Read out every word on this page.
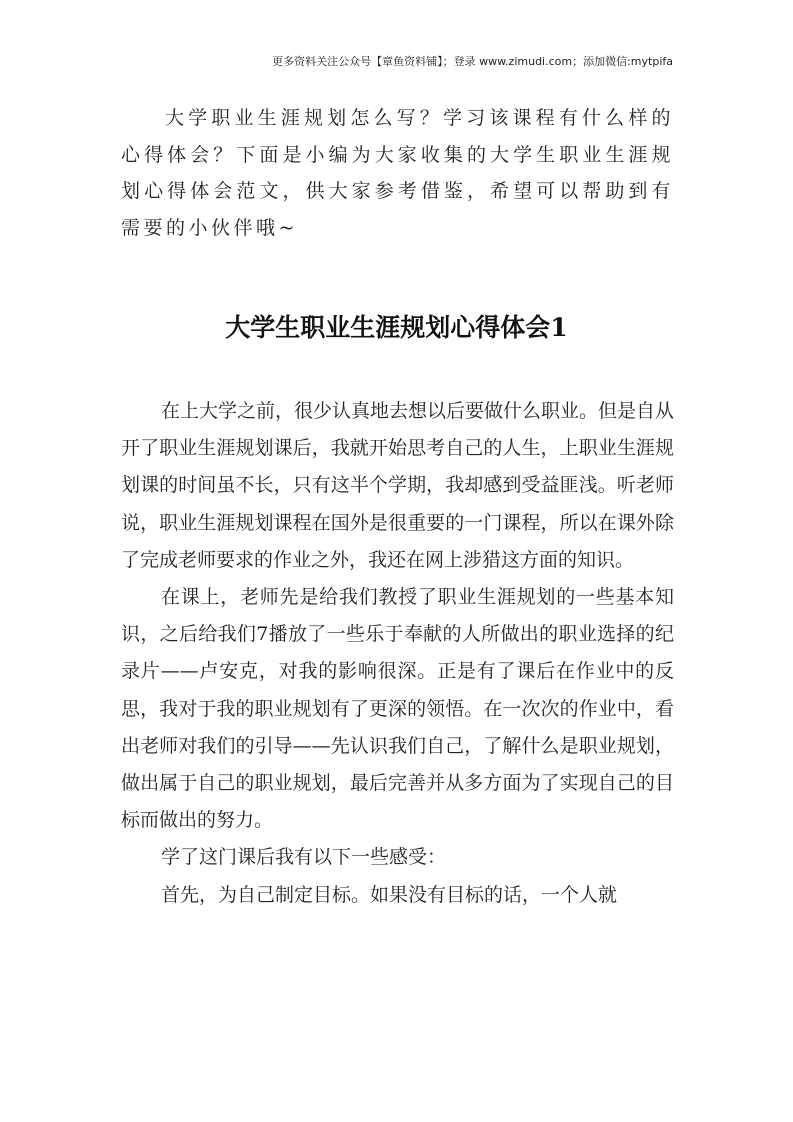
更多资料关注公众号【章鱼资料铺】；登录 www.zimudi.com；添加微信:mytpifa

大学职业生涯规划怎么写？学习该课程有什么样的心得体会？下面是小编为大家收集的大学生职业生涯规划心得体会范文，供大家参考借鉴，希望可以帮助到有需要的小伙伴哦~

大学生职业生涯规划心得体会1

在上大学之前，很少认真地去想以后要做什么职业。但是自从开了职业生涯规划课后，我就开始思考自己的人生，上职业生涯规划课的时间虽不长，只有这半个学期，我却感到受益匪浅。听老师说，职业生涯规划课程在国外是很重要的一门课程，所以在课外除了完成老师要求的作业之外，我还在网上涉猎这方面的知识。

在课上，老师先是给我们教授了职业生涯规划的一些基本知识，之后给我们7播放了一些乐于奉献的人所做出的职业选择的纪录片——卢安克，对我的影响很深。正是有了课后在作业中的反思，我对于我的职业规划有了更深的领悟。在一次次的作业中，看出老师对我们的引导——先认识我们自己，了解什么是职业规划，做出属于自己的职业规划，最后完善并从多方面为了实现自己的目标而做出的努力。

学了这门课后我有以下一些感受：

首先，为自己制定目标。如果没有目标的话，一个人就
